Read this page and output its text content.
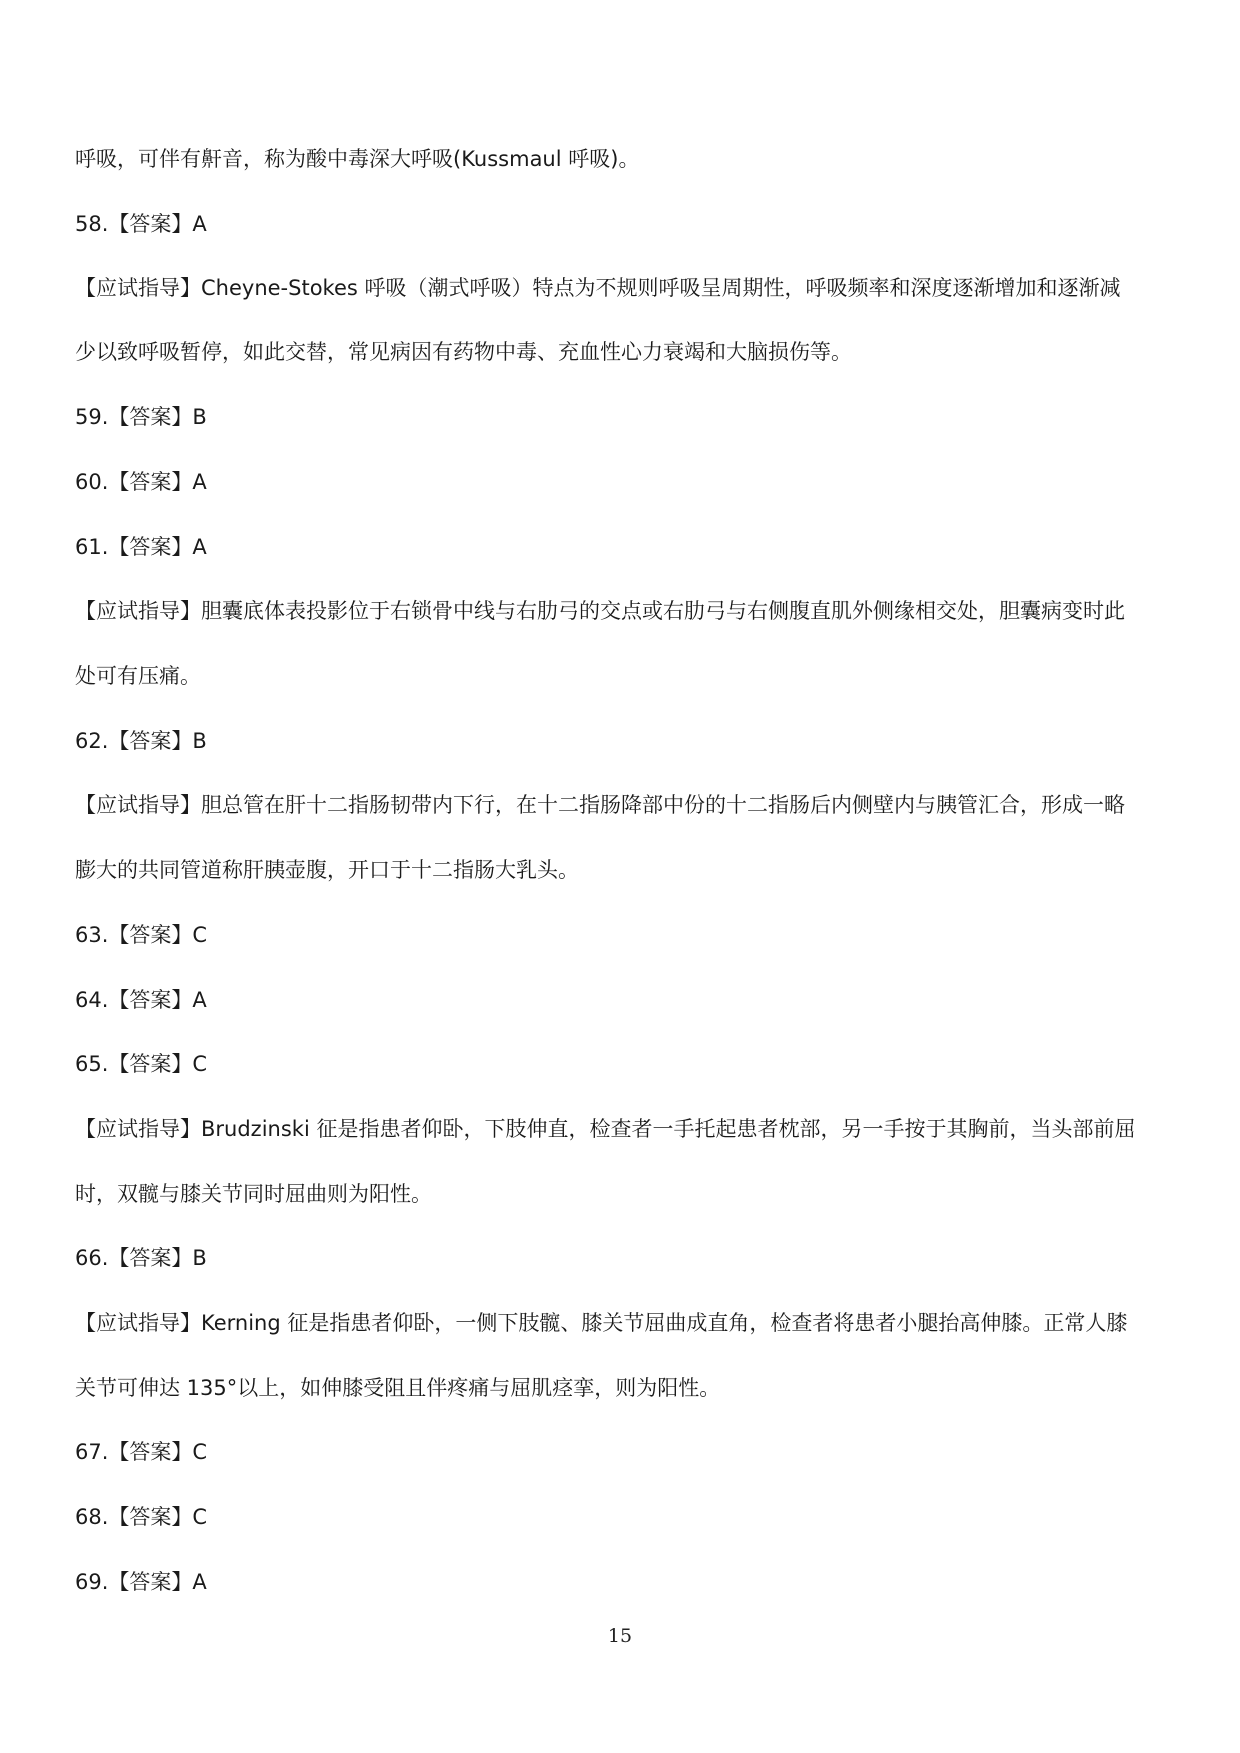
呼吸，可伴有鼾音，称为酸中毒深大呼吸(Kussmaul 呼吸)。
58.【答案】A
【应试指导】Cheyne-Stokes 呼吸（潮式呼吸）特点为不规则呼吸呈周期性，呼吸频率和深度逐渐增加和逐渐减
少以致呼吸暂停，如此交替，常见病因有药物中毒、充血性心力衰竭和大脑损伤等。
59.【答案】B
60.【答案】A
61.【答案】A
【应试指导】胆囊底体表投影位于右锁骨中线与右肋弓的交点或右肋弓与右侧腹直肌外侧缘相交处，胆囊病变时此
处可有压痛。
62.【答案】B
【应试指导】胆总管在肝十二指肠韧带内下行，在十二指肠降部中份的十二指肠后内侧壁内与胰管汇合，形成一略
膨大的共同管道称肝胰壶腹，开口于十二指肠大乳头。
63.【答案】C
64.【答案】A
65.【答案】C
【应试指导】Brudzinski 征是指患者仰卧，下肢伸直，检查者一手托起患者枕部，另一手按于其胸前，当头部前屈
时，双髋与膝关节同时屈曲则为阳性。
66.【答案】B
【应试指导】Kerning 征是指患者仰卧，一侧下肢髋、膝关节屈曲成直角，检查者将患者小腿抬高伸膝。正常人膝
关节可伸达 135°以上，如伸膝受阻且伴疼痛与屈肌痉挛，则为阳性。
67.【答案】C
68.【答案】C
69.【答案】A
15
